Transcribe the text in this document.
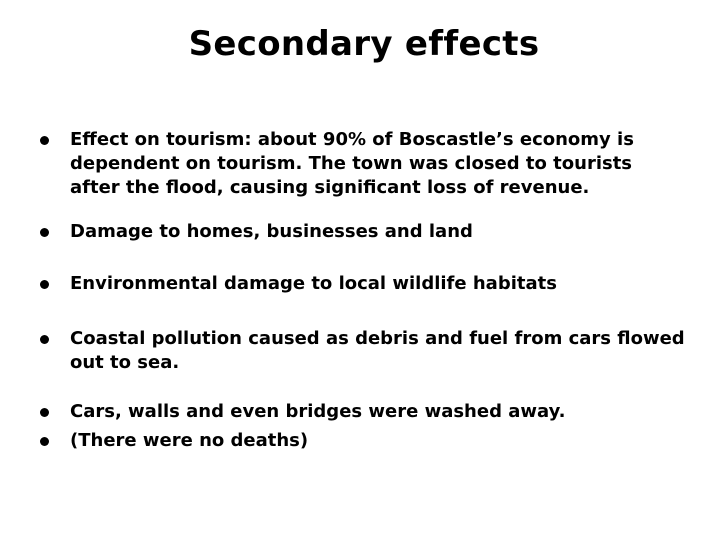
Secondary effects
Effect on tourism: about 90% of Boscastle’s economy is dependent on tourism. The town was closed to tourists after the flood, causing significant loss of revenue.
Damage to homes, businesses and land
Environmental damage to local wildlife habitats
Coastal pollution caused as debris and fuel from cars flowed out to sea.
Cars, walls and even bridges were washed away.
(There were no deaths)
